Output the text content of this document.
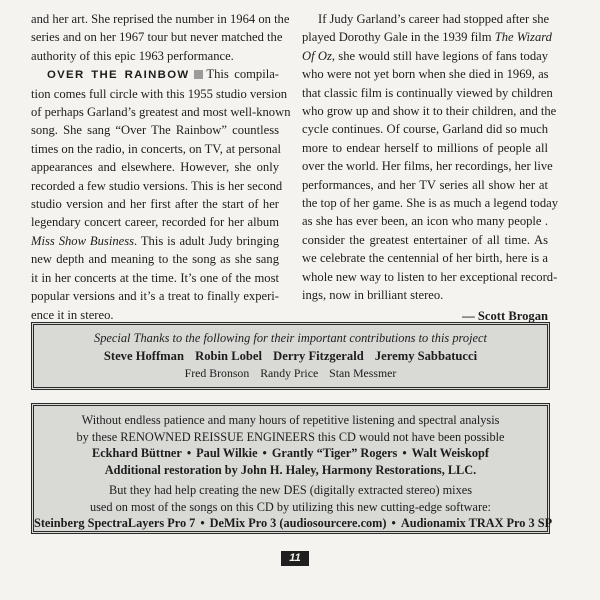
and her art. She reprised the number in 1964 on the
series and on her 1967 tour but never matched the
authority of this epic 1963 performance.
OVER THE RAINBOW This compila-
tion comes full circle with this 1955 studio version
of perhaps Garland’s greatest and most well-known
song. She sang “Over The Rainbow” countless
times on the radio, in concerts, on TV, at personal
appearances and elsewhere. However, she only
recorded a few studio versions. This is her second
studio version and her first after the start of her
legendary concert career, recorded for her album
Miss Show Business. This is adult Judy bringing
new depth and meaning to the song as she sang
it in her concerts at the time. It’s one of the most
popular versions and it’s a treat to finally experi-
ence it in stereo.
If Judy Garland’s career had stopped after she
played Dorothy Gale in the 1939 film The Wizard
Of Oz, she would still have legions of fans today
who were not yet born when she died in 1969, as
that classic film is continually viewed by children
who grow up and show it to their children, and the
cycle continues. Of course, Garland did so much
more to endear herself to millions of people all
over the world. Her films, her recordings, her live
performances, and her TV series all show her at
the top of her game. She is as much a legend today
as she has ever been, an icon who many people .
consider the greatest entertainer of all time. As
we celebrate the centennial of her birth, here is a
whole new way to listen to her exceptional record-
ings, now in brilliant stereo.

— Scott Brogan

Special Thanks to the following for their important contributions to this project
Steve Hoffman Robin Lobel Derry Fitzgerald Jeremy Sabbatucci
Fred Bronson Randy Price Stan Messmer
Without endless patience and many hours of repetitive listening and spectral analysis
by these RENOWNED REISSUE ENGINEERS this CD would not have been possible
Eckhard Büttner • Paul Wilkie • Grantly “Tiger” Rogers • Walt Weiskopf
Additional restoration by John H. Haley, Harmony Restorations, LLC.
But they had help creating the new DES (digitally extracted stereo) mixes
used on most of the songs on this CD by utilizing this new cutting-edge software:
Steinberg SpectraLayers Pro 7 • DeMix Pro 3 (audiosourcere.com) • Audionamix TRAX Pro 3 SP
11
